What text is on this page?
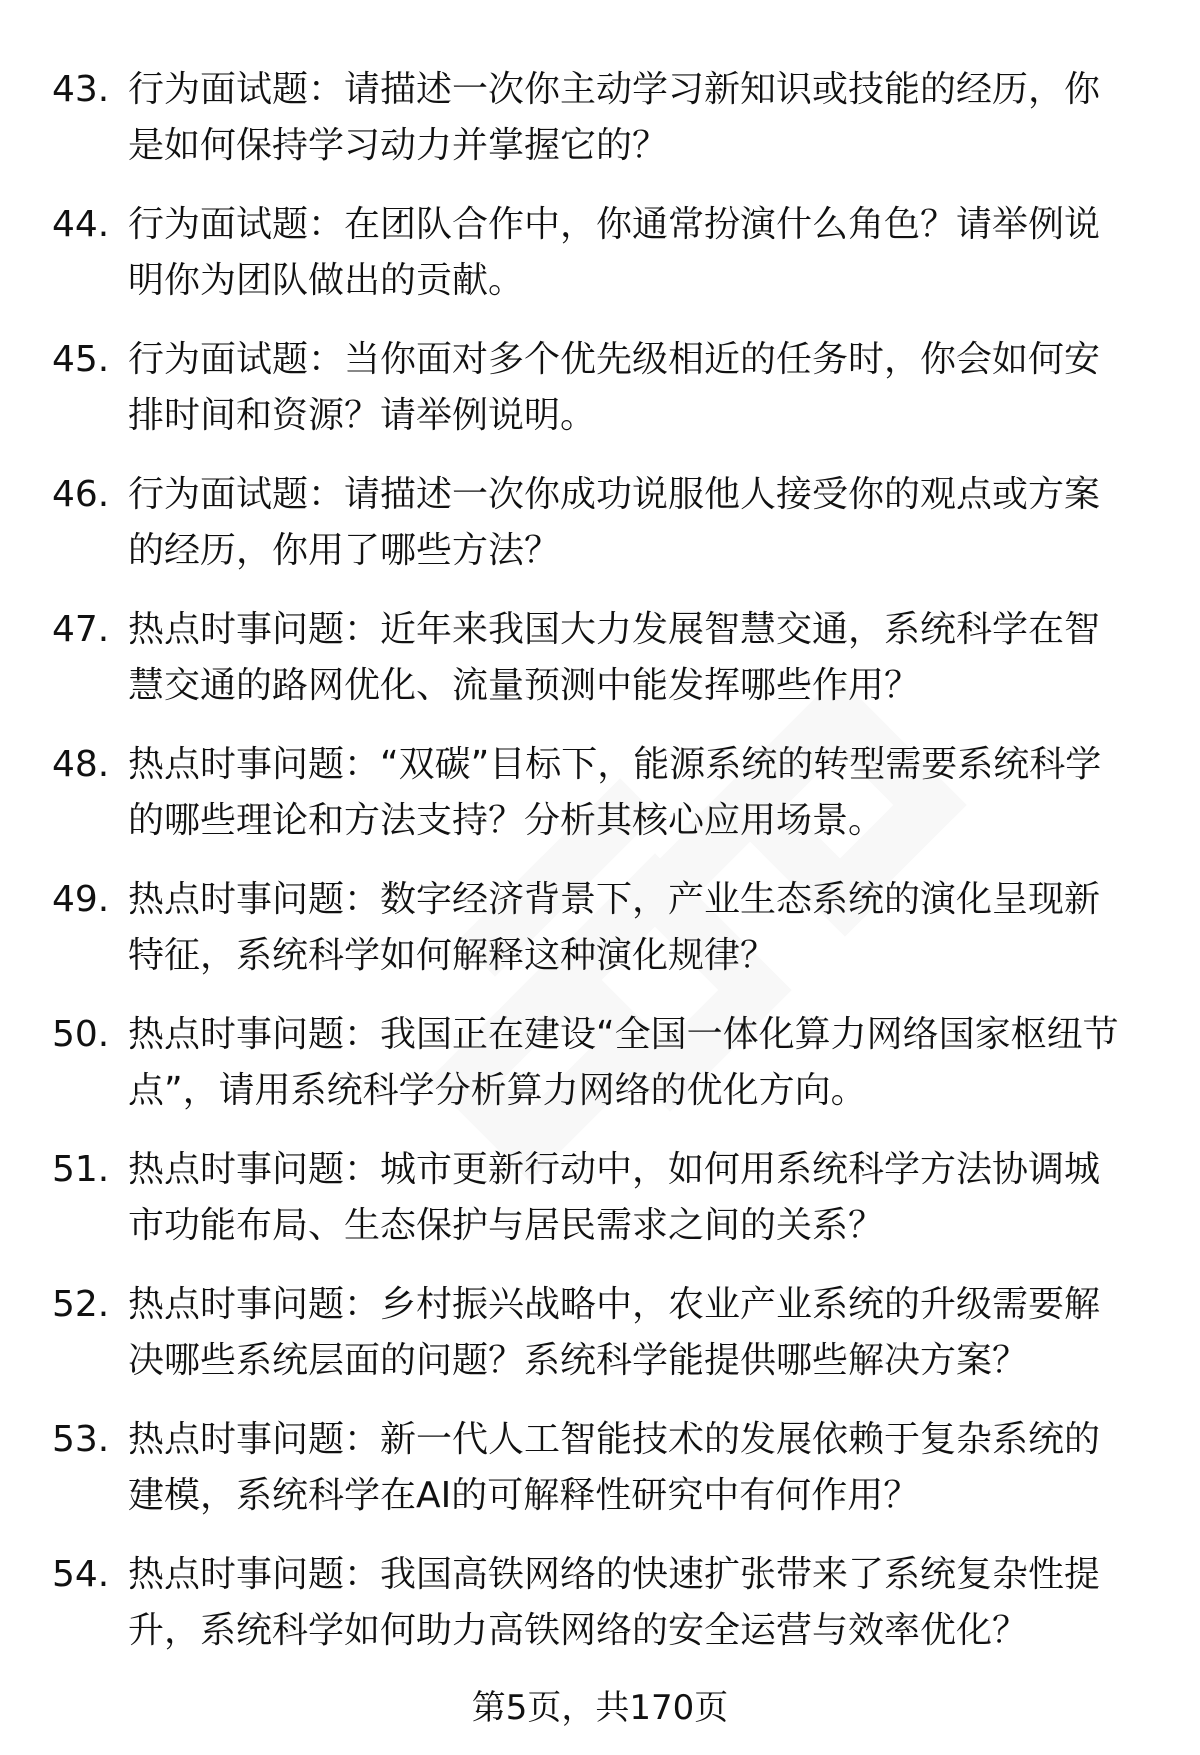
43. 行为面试题：请描述一次你主动学习新知识或技能的经历，你是如何保持学习动力并掌握它的？
44. 行为面试题：在团队合作中，你通常扮演什么角色？请举例说明你为团队做出的贡献。
45. 行为面试题：当你面对多个优先级相近的任务时，你会如何安排时间和资源？请举例说明。
46. 行为面试题：请描述一次你成功说服他人接受你的观点或方案的经历，你用了哪些方法？
47. 热点时事问题：近年来我国大力发展智慧交通，系统科学在智慧交通的路网优化、流量预测中能发挥哪些作用？
48. 热点时事问题：“双碳”目标下，能源系统的转型需要系统科学的哪些理论和方法支持？分析其核心应用场景。
49. 热点时事问题：数字经济背景下，产业生态系统的演化呈现新特征，系统科学如何解释这种演化规律？
50. 热点时事问题：我国正在建设“全国一体化算力网络国家枢纽节点”，请用系统科学分析算力网络的优化方向。
51. 热点时事问题：城市更新行动中，如何用系统科学方法协调城市功能布局、生态保护与居民需求之间的关系？
52. 热点时事问题：乡村振兴战略中，农业产业系统的升级需要解决哪些系统层面的问题？系统科学能提供哪些解决方案？
53. 热点时事问题：新一代人工智能技术的发展依赖于复杂系统的建模，系统科学在AI的可解释性研究中有何作用？
54. 热点时事问题：我国高铁网络的快速扩张带来了系统复杂性提升，系统科学如何助力高铁网络的安全运营与效率优化？
第5页，共170页
